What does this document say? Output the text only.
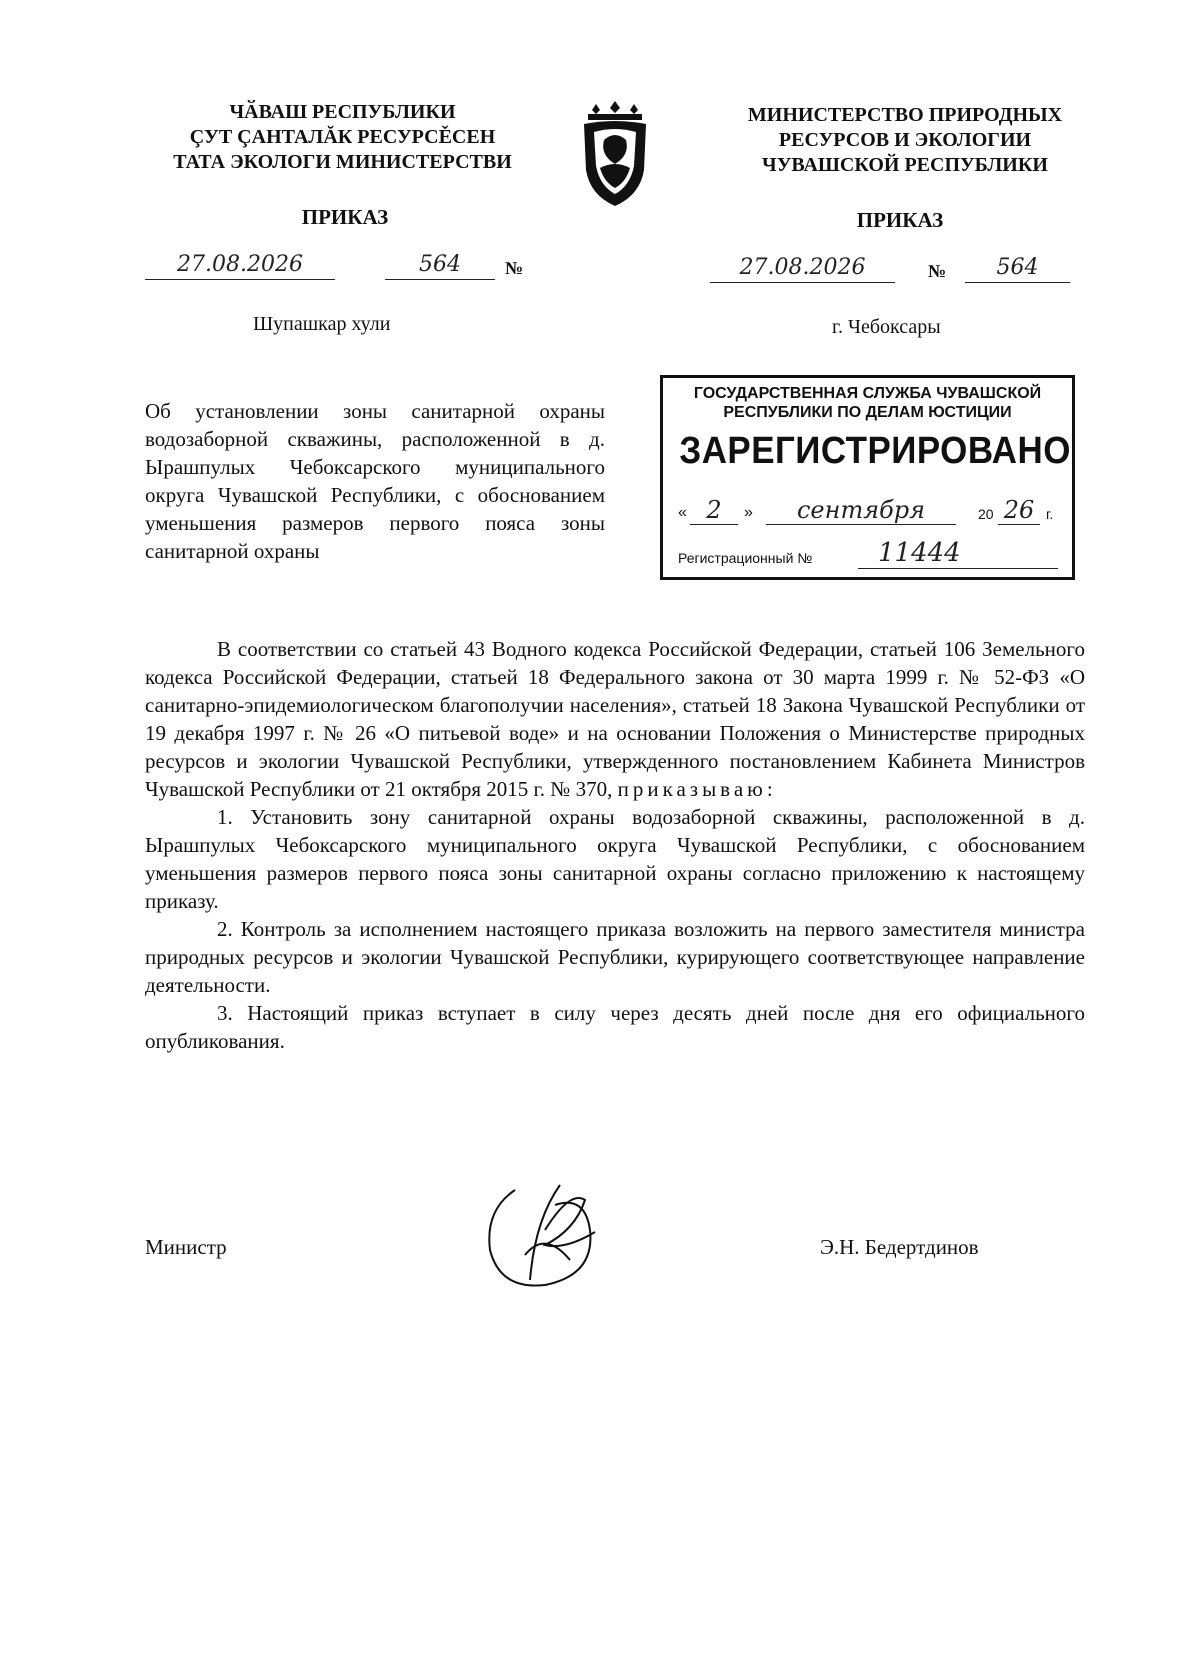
ЧӐВАШ РЕСПУБЛИКИ
ÇУТ ÇАНТАЛĂК РЕСУРСĚСЕН
ТАТА ЭКОЛОГИ МИНИСТЕРСТВИ
МИНИСТЕРСТВО ПРИРОДНЫХ
РЕСУРСОВ И ЭКОЛОГИИ
ЧУВАШСКОЙ РЕСПУБЛИКИ
ПРИКАЗ	ПРИКАЗ
27.08.2026	564	№	27.08.2026	№	564
Шупашкар хули	г. Чебоксары
Об установлении зоны санитарной охраны водозаборной скважины, расположенной в д. Ырашпулых Чебоксарского муниципального округа Чувашской Республики, с обоснованием уменьшения размеров первого пояса зоны санитарной охраны
ГОСУДАРСТВЕННАЯ СЛУЖБА ЧУВАШСКОЙ
РЕСПУБЛИКИ ПО ДЕЛАМ ЮСТИЦИИ
ЗАРЕГИСТРИРОВАНО
« 2	»	сентября	20 26 г.
Регистрационный №	11444

В соответствии со статьей 43 Водного кодекса Российской Федерации, статьей 106 Земельного кодекса Российской Федерации, статьей 18 Федерального закона от 30 марта 1999 г. № 52-ФЗ «О санитарно-эпидемиологическом благополучии населения», статьей 18 Закона Чувашской Республики от 19 декабря 1997 г. № 26 «О питьевой воде» и на основании Положения о Министерстве природных ресурсов и экологии Чувашской Республики, утвержденного постановлением Кабинета Министров Чувашской Республики от 21 октября 2015 г. № 370, приказываю:

1. Установить зону санитарной охраны водозаборной скважины, расположенной в д. Ырашпулых Чебоксарского муниципального округа Чувашской Республики, с обоснованием уменьшения размеров первого пояса зоны санитарной охраны согласно приложению к настоящему приказу.

2. Контроль за исполнением настоящего приказа возложить на первого заместителя министра природных ресурсов и экологии Чувашской Республики, курирующего соответствующее направление деятельности.

3. Настоящий приказ вступает в силу через десять дней после дня его официального опубликования.

Министр	Э.Н. Бедертдинов
